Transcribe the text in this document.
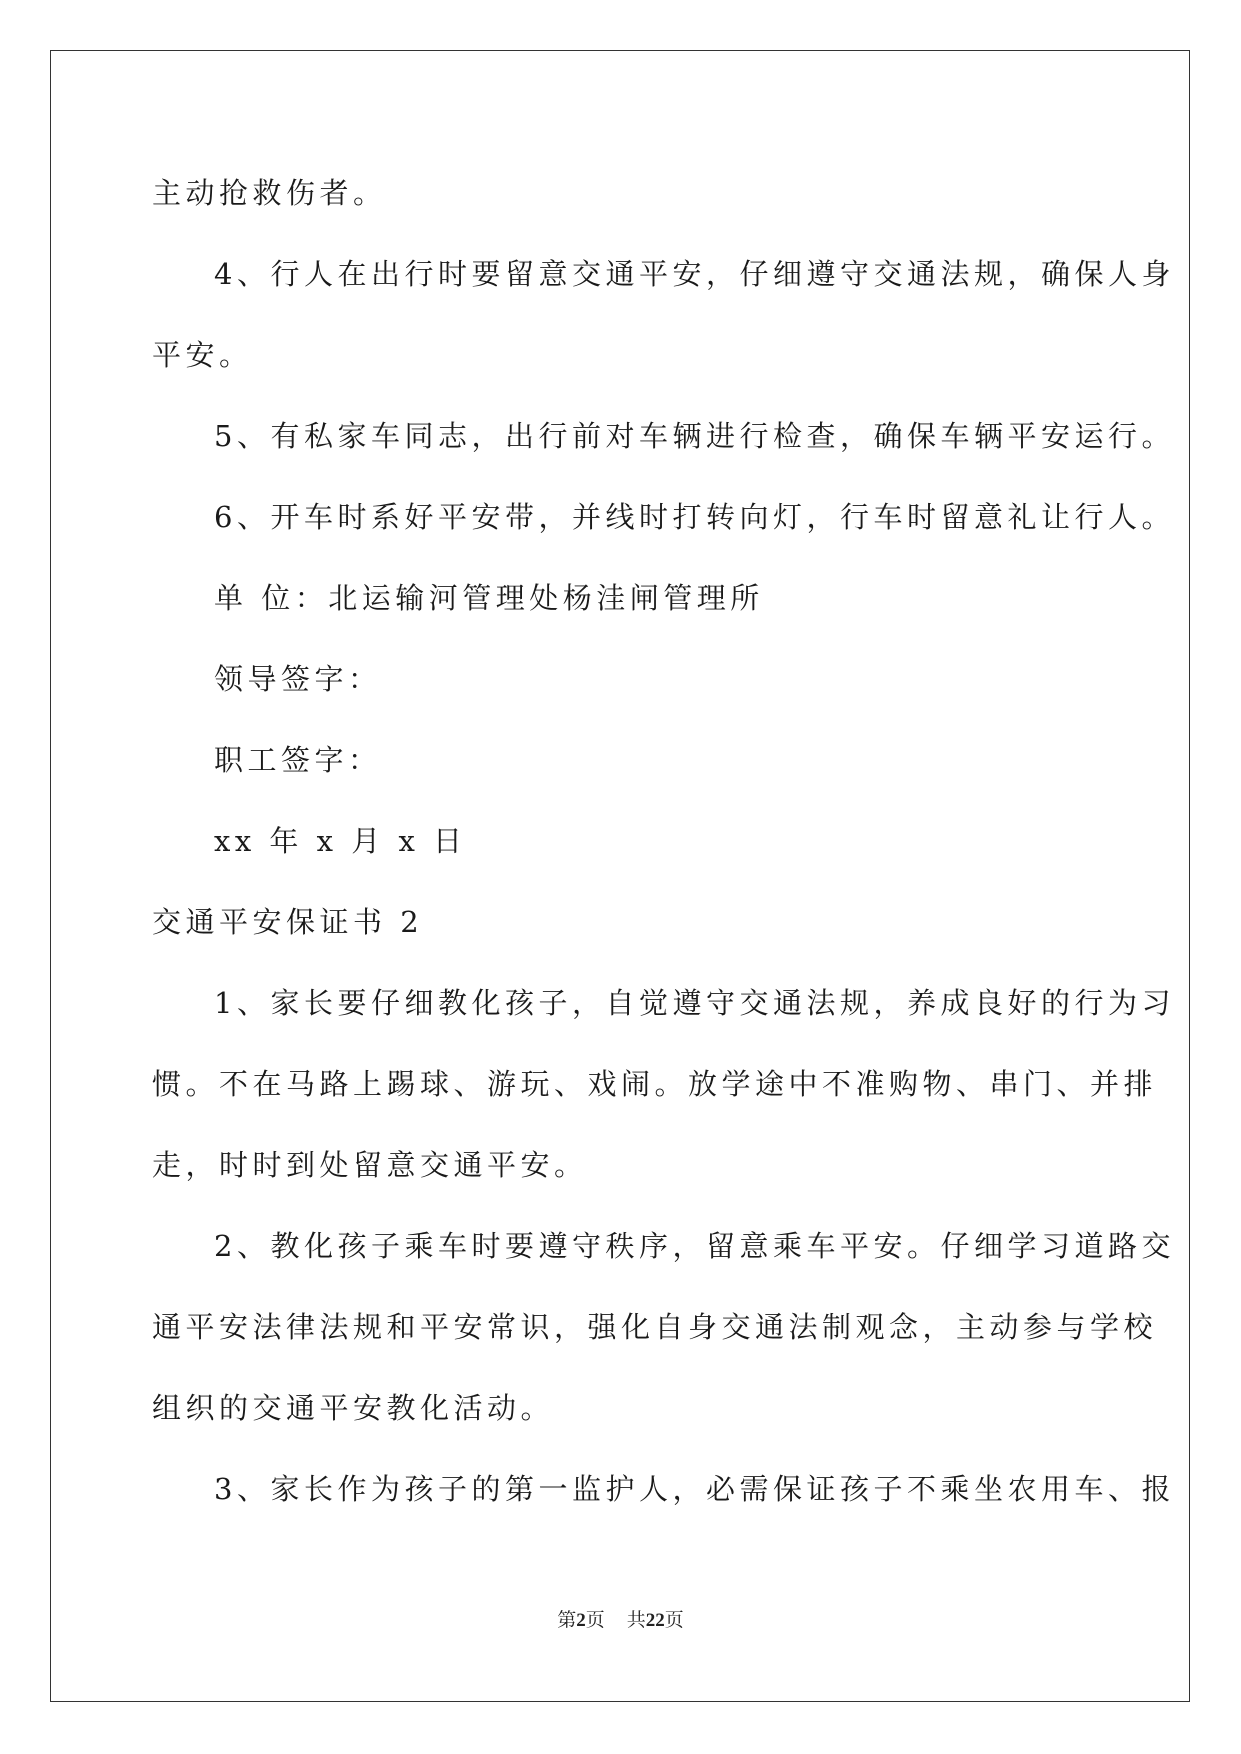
主动抢救伤者。
4、行人在出行时要留意交通平安，仔细遵守交通法规，确保人身
平安。
5、有私家车同志，出行前对车辆进行检查，确保车辆平安运行。
6、开车时系好平安带，并线时打转向灯，行车时留意礼让行人。
单 位：北运输河管理处杨洼闸管理所
领导签字：
职工签字：
xx 年 x 月 x 日
交通平安保证书 2
1、家长要仔细教化孩子，自觉遵守交通法规，养成良好的行为习
惯。不在马路上踢球、游玩、戏闹。放学途中不准购物、串门、并排
走，时时到处留意交通平安。
2、教化孩子乘车时要遵守秩序，留意乘车平安。仔细学习道路交
通平安法律法规和平安常识，强化自身交通法制观念，主动参与学校
组织的交通平安教化活动。
3、家长作为孩子的第一监护人，必需保证孩子不乘坐农用车、报
第2页 共22页
